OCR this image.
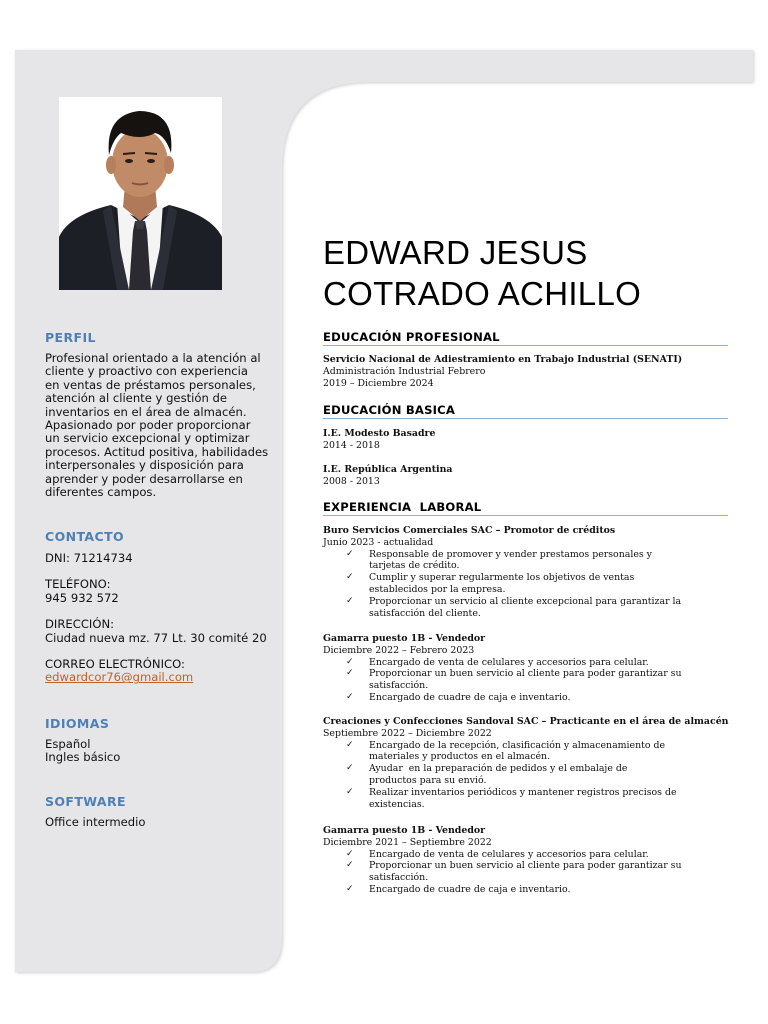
EDWARD JESUS
COTRADO ACHILLO
PERFIL
Profesional orientado a la atención al
cliente y proactivo con experiencia
en ventas de préstamos personales,
atención al cliente y gestión de
inventarios en el área de almacén.
Apasionado por poder proporcionar
un servicio excepcional y optimizar
procesos. Actitud positiva, habilidades
interpersonales y disposición para
aprender y poder desarrollarse en
diferentes campos.
CONTACTO
DNI: 71214734
TELÉFONO:
945 932 572
DIRECCIÓN:
Ciudad nueva mz. 77 Lt. 30 comité 20
CORREO ELECTRÓNICO:
edwardcor76@gmail.com
IDIOMAS
Español
Ingles básico
SOFTWARE
Office intermedio
EDUCACIÓN PROFESIONAL
Servicio Nacional de Adiestramiento en Trabajo Industrial (SENATI)
Administración Industrial Febrero
2019 – Diciembre 2024
EDUCACIÓN BASICA
I.E. Modesto Basadre
2014 - 2018
I.E. República Argentina
2008 - 2013
EXPERIENCIA  LABORAL
Buro Servicios Comerciales SAC – Promotor de créditos
Junio 2023 - actualidad
✓ Responsable de promover y vender prestamos personales y
tarjetas de crédito.
✓ Cumplir y superar regularmente los objetivos de ventas
establecidos por la empresa.
✓ Proporcionar un servicio al cliente excepcional para garantizar la
satisfacción del cliente.
Gamarra puesto 1B - Vendedor
Diciembre 2022 – Febrero 2023
✓ Encargado de venta de celulares y accesorios para celular.
✓ Proporcionar un buen servicio al cliente para poder garantizar su
satisfacción.
✓ Encargado de cuadre de caja e inventario.
Creaciones y Confecciones Sandoval SAC – Practicante en el área de almacén
Septiembre 2022 – Diciembre 2022
✓ Encargado de la recepción, clasificación y almacenamiento de
materiales y productos en el almacén.
✓ Ayudar  en la preparación de pedidos y el embalaje de
productos para su envió.
✓ Realizar inventarios periódicos y mantener registros precisos de
existencias.
Gamarra puesto 1B - Vendedor
Diciembre 2021 – Septiembre 2022
✓ Encargado de venta de celulares y accesorios para celular.
✓ Proporcionar un buen servicio al cliente para poder garantizar su
satisfacción.
✓ Encargado de cuadre de caja e inventario.
